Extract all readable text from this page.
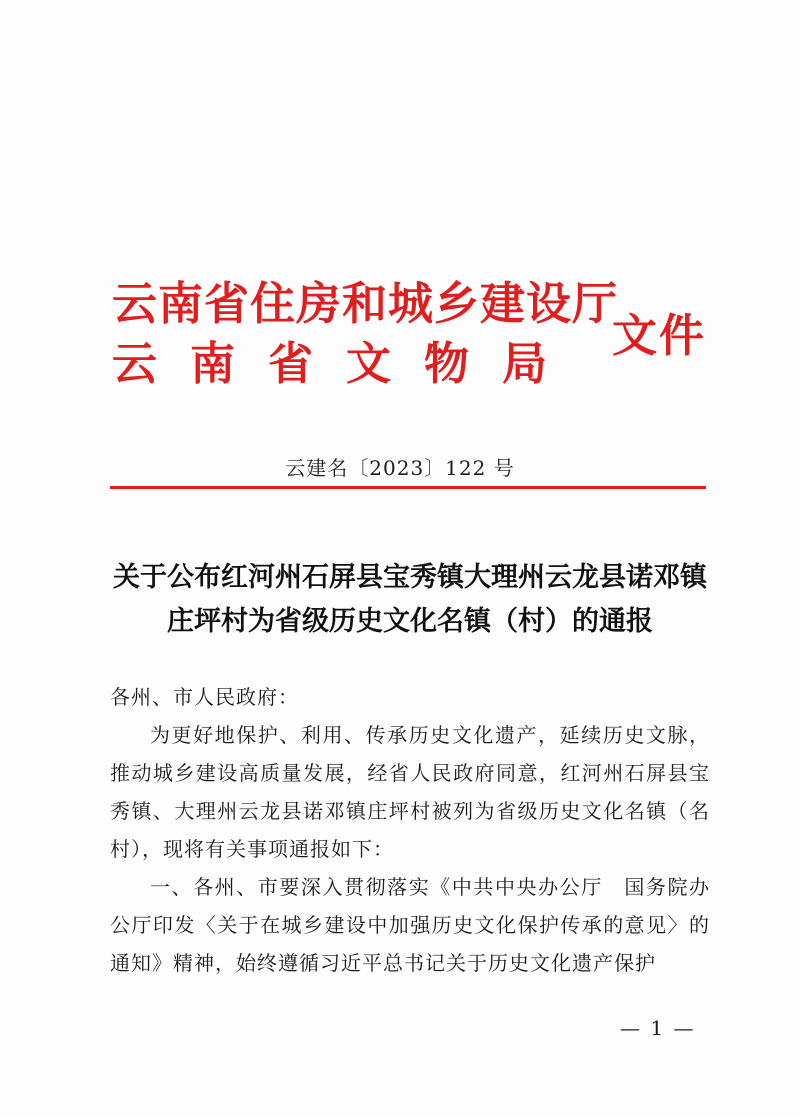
云南省住房和城乡建设厅
云南省文物局
文件
云建名〔2023〕122 号
关于公布红河州石屏县宝秀镇大理州云龙县诺邓镇庄坪村为省级历史文化名镇（村）的通报

各州、市人民政府：

为更好地保护、利用、传承历史文化遗产，延续历史文脉，推动城乡建设高质量发展，经省人民政府同意，红河州石屏县宝秀镇、大理州云龙县诺邓镇庄坪村被列为省级历史文化名镇（名村），现将有关事项通报如下：

一、各州、市要深入贯彻落实《中共中央办公厅　国务院办公厅印发〈关于在城乡建设中加强历史文化保护传承的意见〉的通知》精神，始终遵循习近平总书记关于历史文化遗产保护

— 1 —
